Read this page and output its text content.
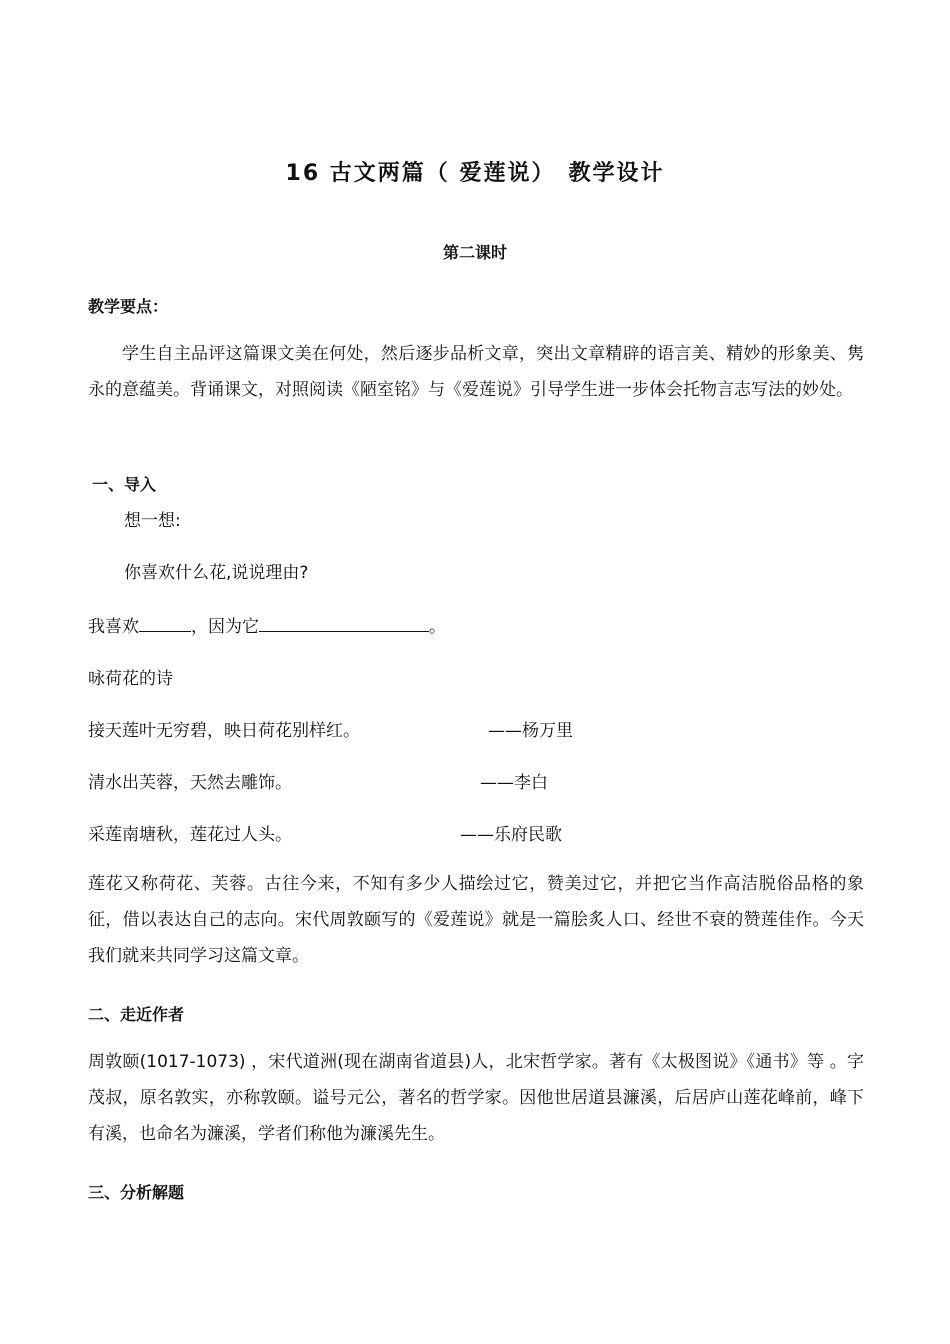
16 古文两篇（ 爱莲说）　教学设计
第二课时
教学要点：
学生自主品评这篇课文美在何处，然后逐步品析文章，突出文章精辟的语言美、精妙的形象美、隽永的意蕴美。背诵课文，对照阅读《陋室铭》与《爱莲说》引导学生进一步体会托物言志写法的妙处。
一、导入
想一想:
你喜欢什么花,说说理由?
我喜欢	，因为它	。
咏荷花的诗
接天莲叶无穷碧，映日荷花别样红。	——杨万里
清水出芙蓉，天然去雕饰。	——李白
采莲南塘秋，莲花过人头。	——乐府民歌
莲花又称荷花、芙蓉。古往今来，不知有多少人描绘过它，赞美过它，并把它当作高洁脱俗品格的象征，借以表达自己的志向。宋代周敦颐写的《爱莲说》就是一篇脍炙人口、经世不衰的赞莲佳作。今天我们就来共同学习这篇文章。
二、走近作者
周敦颐(1017-1073) ，宋代道洲(现在湖南省道县)人，北宋哲学家。著有《太极图说》《通书》等 。字茂叔，原名敦实，亦称敦颐。谥号元公，著名的哲学家。因他世居道县濂溪，后居庐山莲花峰前，峰下有溪，也命名为濂溪，学者们称他为濂溪先生。
三、分析解题
